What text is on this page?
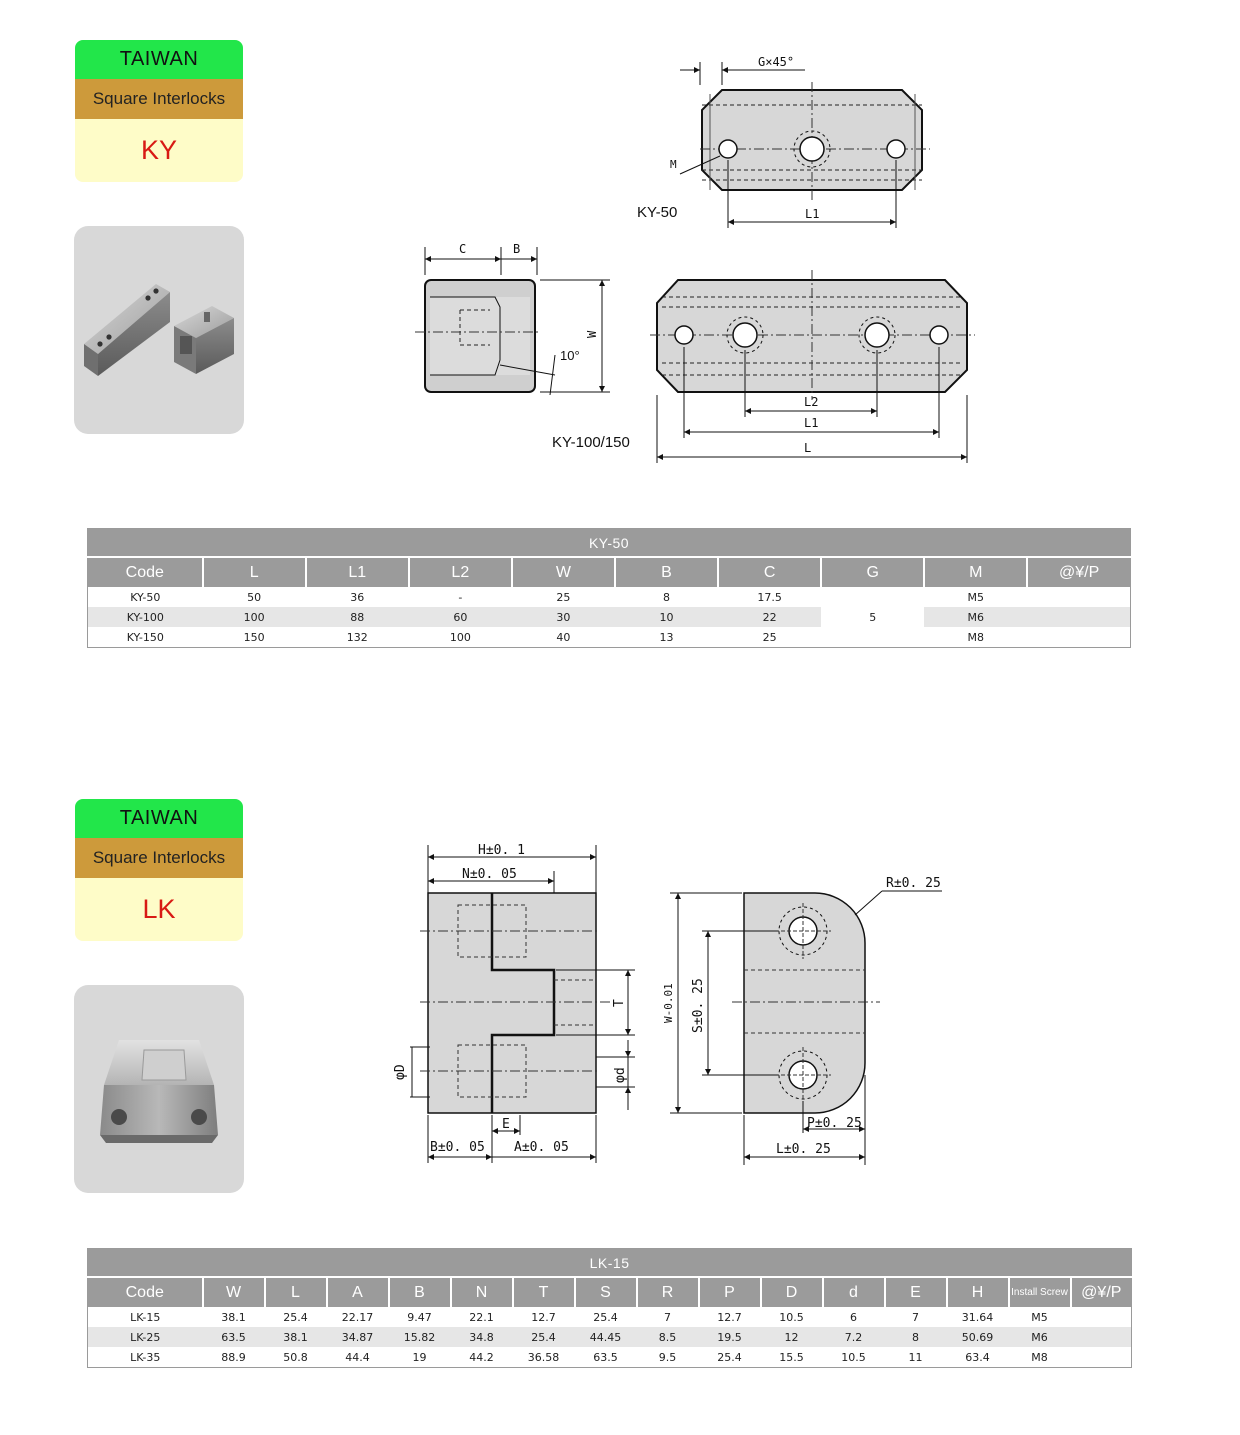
TAIWAN
Square Interlocks
KY
G×45°
M
L1
KY-50
C	B
W
10°
L2
L1
L
KY-100/150
KY-50									
Code	L	L1	L2	W	B	C	G	M	@¥/P
KY-50	50	36	-	25	8	17.5	5	M5	
KY-100	100	88	60	30	10	22		M6	
KY-150	150	132	100	40	13	25		M8	
TAIWAN
Square Interlocks
LK
H±0. 1
N±0. 05
T
φD	φd
E
B±0. 05 A±0. 05
R±0. 25
W-0.01 S±0. 25
P±0. 25
L±0. 25
LK-15															
Code	W	L	A	B	N	T	S	R	P	D	d	E	H	Install Screw	@¥/P
LK-15	38.1	25.4	22.17	9.47	22.1	12.7	25.4	7	12.7	10.5	6	7	31.64	M5	
LK-25	63.5	38.1	34.87	15.82	34.8	25.4	44.45	8.5	19.5	12	7.2	8	50.69	M6	
LK-35	88.9	50.8	44.4	19	44.2	36.58	63.5	9.5	25.4	15.5	10.5	11	63.4	M8	
